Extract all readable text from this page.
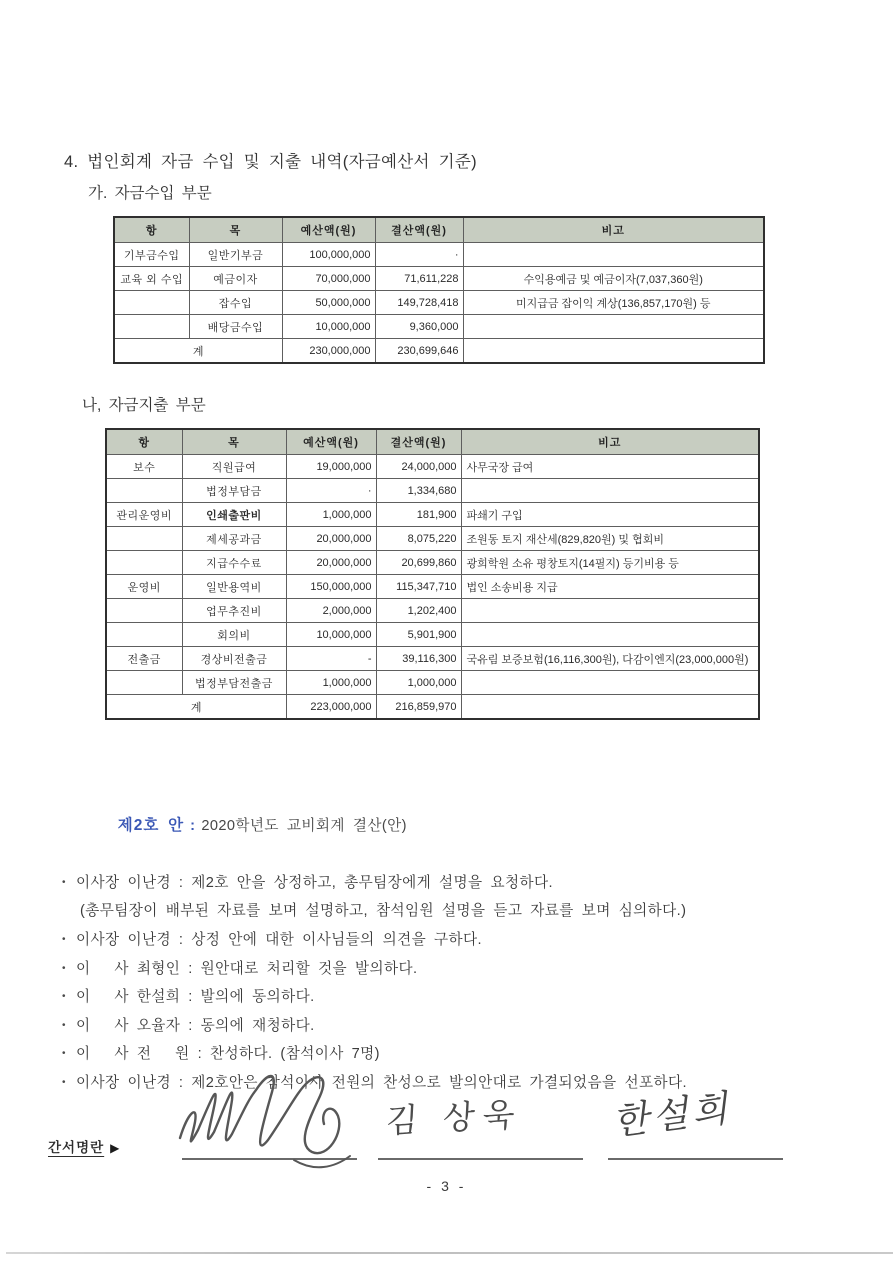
4. 법인회계 자금 수입 및 지출 내역(자금예산서 기준)
가. 자금수입 부문
항	목	예산액(원)	결산액(원)	비고
기부금수입	일반기부금	100,000,000	·	
교육 외 수입	예금이자	70,000,000	71,611,228	수익용예금 및 예금이자(7,037,360원)
	잡수입	50,000,000	149,728,418	미지급금 잡이익 계상(136,857,170원) 등
	배당금수입	10,000,000	9,360,000	
계		230,000,000	230,699,646	
나, 자금지출 부문
항	목	예산액(원)	결산액(원)	비고
보수	직원급여	19,000,000	24,000,000	사무국장 급여
	법정부담금	·	1,334,680	
관리운영비	인쇄출판비	1,000,000	181,900	파쇄기 구입
	제세공과금	20,000,000	8,075,220	조원동 토지 재산세(829,820원) 및 협회비
	지급수수료	20,000,000	20,699,860	광희학원 소유 평창토지(14필지) 등기비용 등
운영비	일반용역비	150,000,000	115,347,710	법인 소송비용 지급
	업무추진비	2,000,000	1,202,400	
	회의비	10,000,000	5,901,900	
전출금	경상비전출금	-	39,116,300	국유림 보증보험(16,116,300원), 다감이엔지(23,000,000원)
	법정부담전출금	1,000,000	1,000,000	
계		223,000,000	216,859,970	

제2호 안 : 2020학년도 교비회계 결산(안)

• 이사장 이난경 : 제2호 안을 상정하고, 총무팀장에게 설명을 요청하다.
(총무팀장이 배부된 자료를 보며 설명하고, 참석임원 설명을 듣고 자료를 보며 심의하다.)
• 이사장 이난경 : 상정 안에 대한 이사님들의 의견을 구하다.
• 이   사 최형인 : 원안대로 처리할 것을 발의하다.
• 이   사 한설희 : 발의에 동의하다.
• 이   사 오율자 : 동의에 재청하다.
• 이   사 전   원 : 찬성하다. (참석이사 7명)
• 이사장 이난경 : 제2호안은 참석이사 전원의 찬성으로 발의안대로 가결되었음을 선포하다.
간서명란 ▶
김 상욱 한설희
- 3 -
